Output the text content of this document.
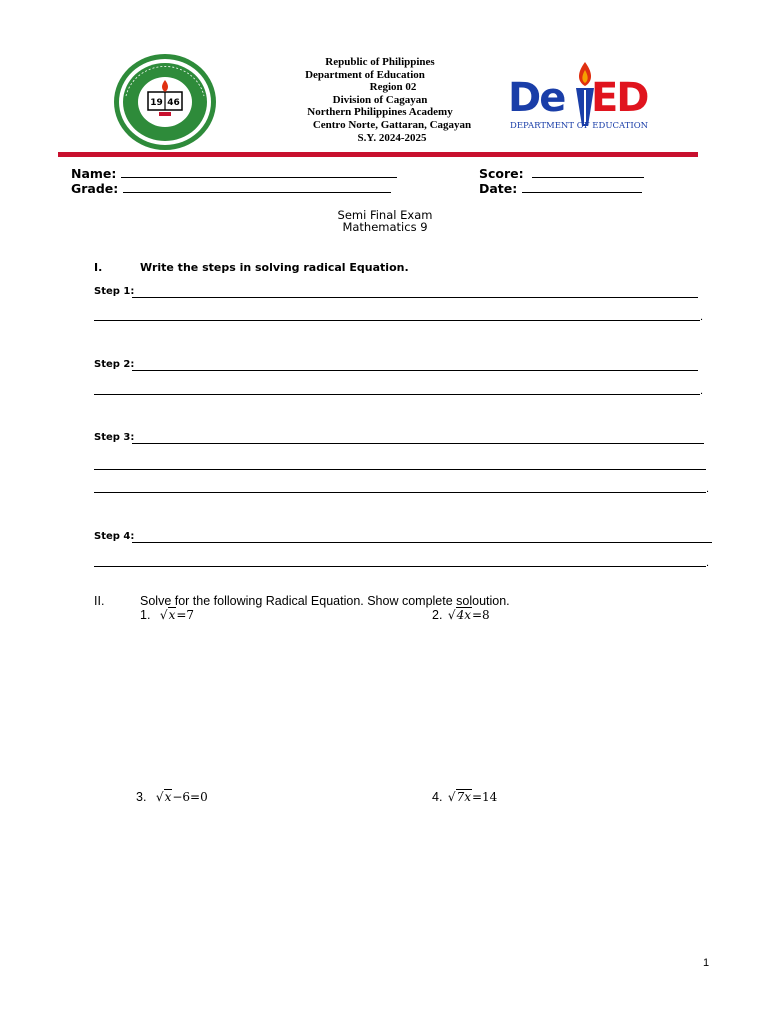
19 46
Republic of Philippines
Department of Education
Region 02
Division of Cagayan
Northern Philippines Academy
Centro Norte, Gattaran, Cagayan
S.Y. 2024-2025
De ED
DEPARTMENT OF EDUCATION
Name:
Grade:
Score:
Date:
Semi Final Exam
Mathematics 9
I.	Write the steps in solving radical Equation.
Step 1:
.
Step 2:
.
Step 3:
.
Step 4:
.
II.	Solve for the following Radical Equation. Show complete soloution.
1. √x=7	2. √4x=8
3. √x−6=0	4. √7x=14
1
